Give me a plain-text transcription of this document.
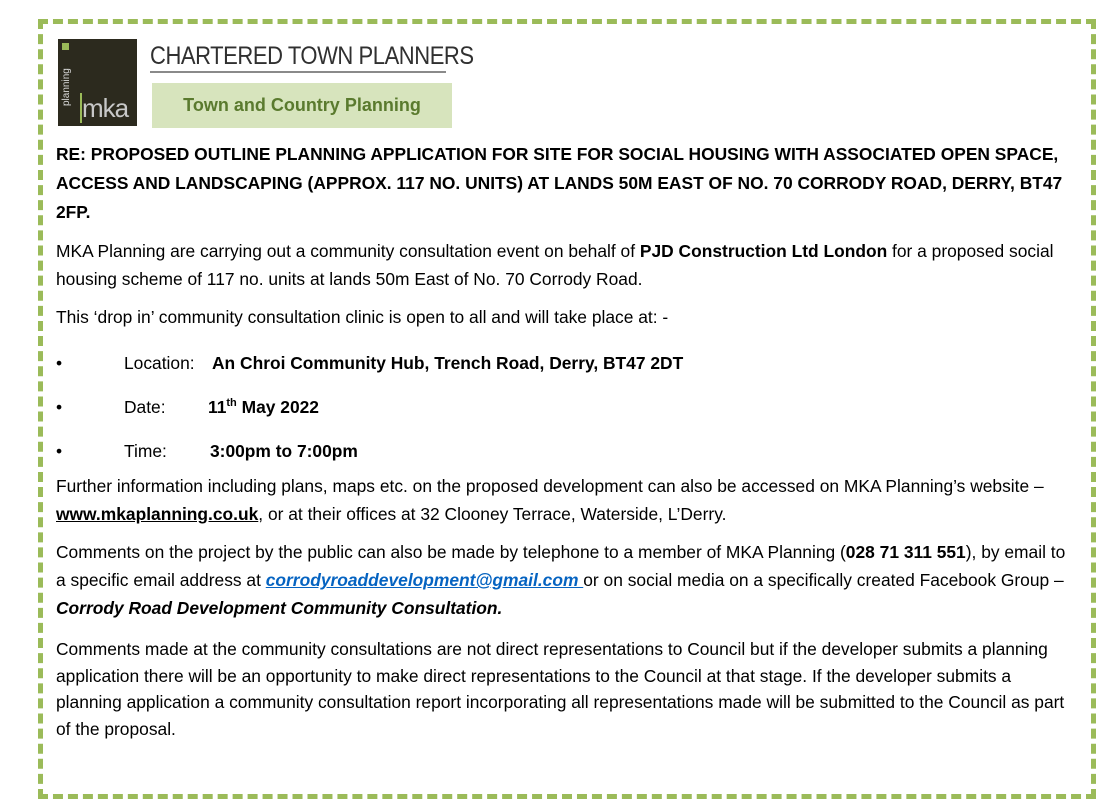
planning
mka
CHARTERED TOWN PLANNERS
Town and Country Planning

RE: PROPOSED OUTLINE PLANNING APPLICATION FOR SITE FOR SOCIAL HOUSING WITH ASSOCIATED OPEN SPACE, ACCESS AND LANDSCAPING (APPROX. 117 NO. UNITS) AT LANDS 50M EAST OF NO. 70 CORRODY ROAD, DERRY, BT47 2FP.

MKA Planning are carrying out a community consultation event on behalf of PJD Construction Ltd London for a proposed social housing scheme of 117 no. units at lands 50m East of No. 70 Corrody Road.

This ‘drop in’ community consultation clinic is open to all and will take place at: -

•	Location:	An Chroi Community Hub, Trench Road, Derry, BT47 2DT
•	Date:	11th May 2022
•	Time:	3:00pm to 7:00pm

Further information including plans, maps etc. on the proposed development can also be accessed on MKA Planning’s website – www.mkaplanning.co.uk, or at their offices at 32 Clooney Terrace, Waterside, L’Derry.

Comments on the project by the public can also be made by telephone to a member of MKA Planning (028 71 311 551), by email to a specific email address at corrodyroaddevelopment@gmail.com or on social media on a specifically created Facebook Group – Corrody Road Development Community Consultation.

Comments made at the community consultations are not direct representations to Council but if the developer submits a planning application there will be an opportunity to make direct representations to the Council at that stage. If the developer submits a planning application a community consultation report incorporating all representations made will be submitted to the Council as part of the proposal.
